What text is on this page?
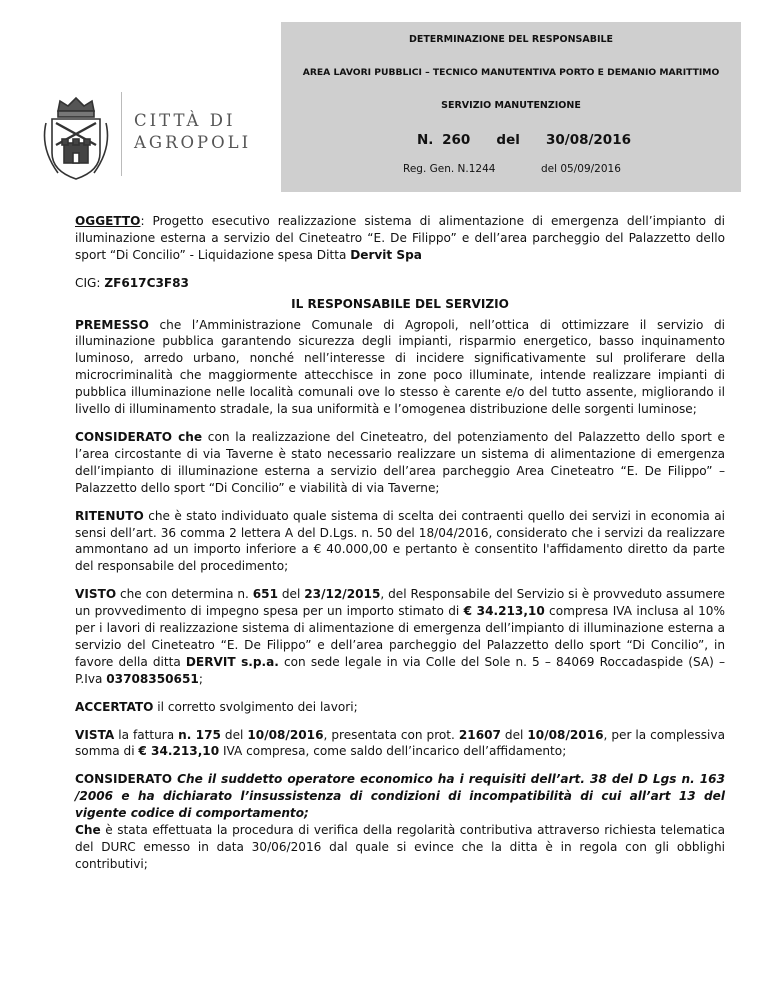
CITTÀ DI
AGROPOLI
DETERMINAZIONE DEL RESPONSABILE
AREA LAVORI PUBBLICI – TECNICO MANUTENTIVA PORTO E DEMANIO MARITTIMO
SERVIZIO MANUTENZIONE
N. 260 del 30/08/2016
Reg. Gen. N.1244	del 05/09/2016

OGGETTO: Progetto esecutivo realizzazione sistema di alimentazione di emergenza dell’impianto di illuminazione esterna a servizio del Cineteatro “E. De Filippo” e dell’area parcheggio del Palazzetto dello sport “Di Concilio” - Liquidazione spesa Ditta Dervit Spa

CIG: ZF617C3F83

IL RESPONSABILE DEL SERVIZIO

PREMESSO che l’Amministrazione Comunale di Agropoli, nell’ottica di ottimizzare il servizio di illuminazione pubblica garantendo sicurezza degli impianti, risparmio energetico, basso inquinamento luminoso, arredo urbano, nonché nell’interesse di incidere significativamente sul proliferare della microcriminalità che maggiormente attecchisce in zone poco illuminate, intende realizzare impianti di pubblica illuminazione nelle località comunali ove lo stesso è carente e/o del tutto assente, migliorando il livello di illuminamento stradale, la sua uniformità e l’omogenea distribuzione delle sorgenti luminose;

CONSIDERATO che con la realizzazione del Cineteatro, del potenziamento del Palazzetto dello sport e l’area circostante di via Taverne è stato necessario realizzare un sistema di alimentazione di emergenza dell’impianto di illuminazione esterna a servizio dell’area parcheggio Area Cineteatro “E. De Filippo” – Palazzetto dello sport “Di Concilio” e viabilità di via Taverne;

RITENUTO che è stato individuato quale sistema di scelta dei contraenti quello dei servizi in economia ai sensi dell’art. 36 comma 2 lettera A del D.Lgs. n. 50 del 18/04/2016, considerato che i servizi da realizzare ammontano ad un importo inferiore a € 40.000,00 e pertanto è consentito l'affidamento diretto da parte del responsabile del procedimento;

VISTO che con determina n. 651 del 23/12/2015, del Responsabile del Servizio si è provveduto assumere un provvedimento di impegno spesa per un importo stimato di € 34.213,10 compresa IVA inclusa al 10% per i lavori di realizzazione sistema di alimentazione di emergenza dell’impianto di illuminazione esterna a servizio del Cineteatro “E. De Filippo” e dell’area parcheggio del Palazzetto dello sport “Di Concilio”, in favore della ditta DERVIT s.p.a. con sede legale in via Colle del Sole n. 5 – 84069 Roccadaspide (SA) – P.Iva 03708350651;

ACCERTATO il corretto svolgimento dei lavori;

VISTA la fattura n. 175 del 10/08/2016, presentata con prot. 21607 del 10/08/2016, per la complessiva somma di € 34.213,10 IVA compresa, come saldo dell’incarico dell’affidamento;

CONSIDERATO Che il suddetto operatore economico ha i requisiti dell’art. 38 del D Lgs n. 163 /2006 e ha dichiarato l’insussistenza di condizioni di incompatibilità di cui all’art 13 del vigente codice di comportamento;

Che è stata effettuata la procedura di verifica della regolarità contributiva attraverso richiesta telematica del DURC emesso in data 30/06/2016 dal quale si evince che la ditta è in regola con gli obblighi contributivi;
